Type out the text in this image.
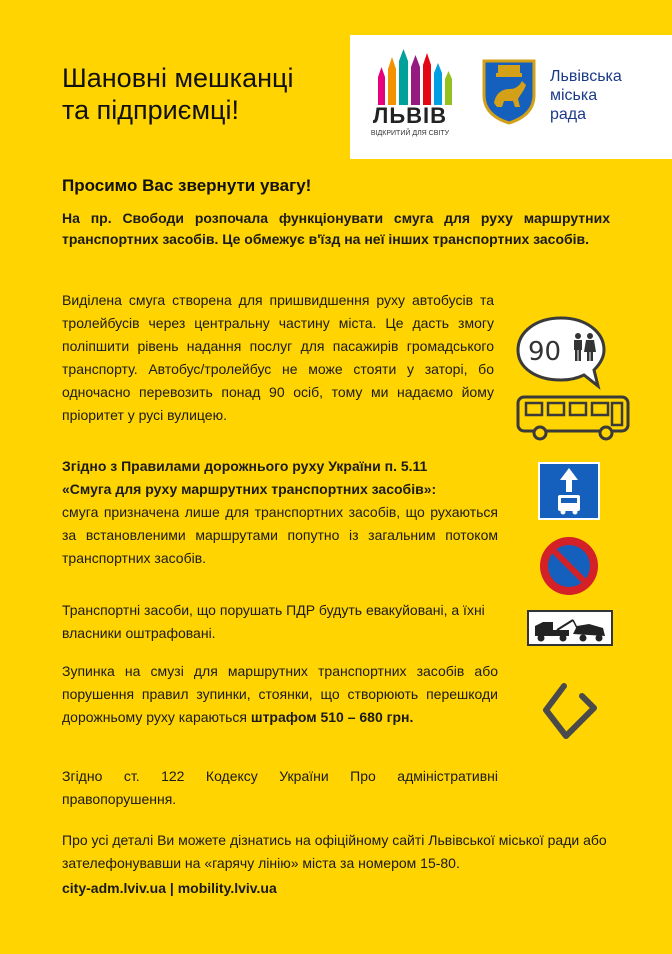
Шановні мешканці
та підприємці!	ЛЬВІВ
ВІДКРИТИЙ ДЛЯ СВІТУ
Львівська
міська
рада
Просимо Вас звернути увагу!
На пр. Свободи розпочала функціонувати смуга для руху маршрутних транспортних засобів. Це обмежує в'їзд на неї інших транспортних засобів.
Виділена смуга створена для пришвидшення руху автобусів та тролейбусів через центральну частину міста. Це дасть змогу поліпшити рівень надання послуг для пасажирів громадського транспорту. Автобус/тролейбус не може стояти у заторі, бо одночасно перевозить понад 90 осіб, тому ми надаємо йому пріоритет у русі вулицею.
Згідно з Правилами дорожнього руху України п. 5.11
«Смуга для руху маршрутних транспортних засобів»:
смуга призначена лише для транспортних засобів, що рухаються за встановленими маршрутами попутно із загальним потоком транспортних засобів.
Транспортні засоби, що порушать ПДР будуть евакуйовані, а їхні власники оштрафовані.
Зупинка на смузі для маршрутних транспортних засобів або порушення правил зупинки, стоянки, що створюють перешкоди дорожньому руху караються штрафом 510 – 680 грн.
Згідно ст. 122 Кодексу України Про адміністративні правопорушення.
Про усі деталі Ви можете дізнатись на офіційному сайті Львівської міської ради або зателефонувавши на «гарячу лінію» міста за номером 15-80.
city-adm.lviv.ua | mobility.lviv.ua
90
